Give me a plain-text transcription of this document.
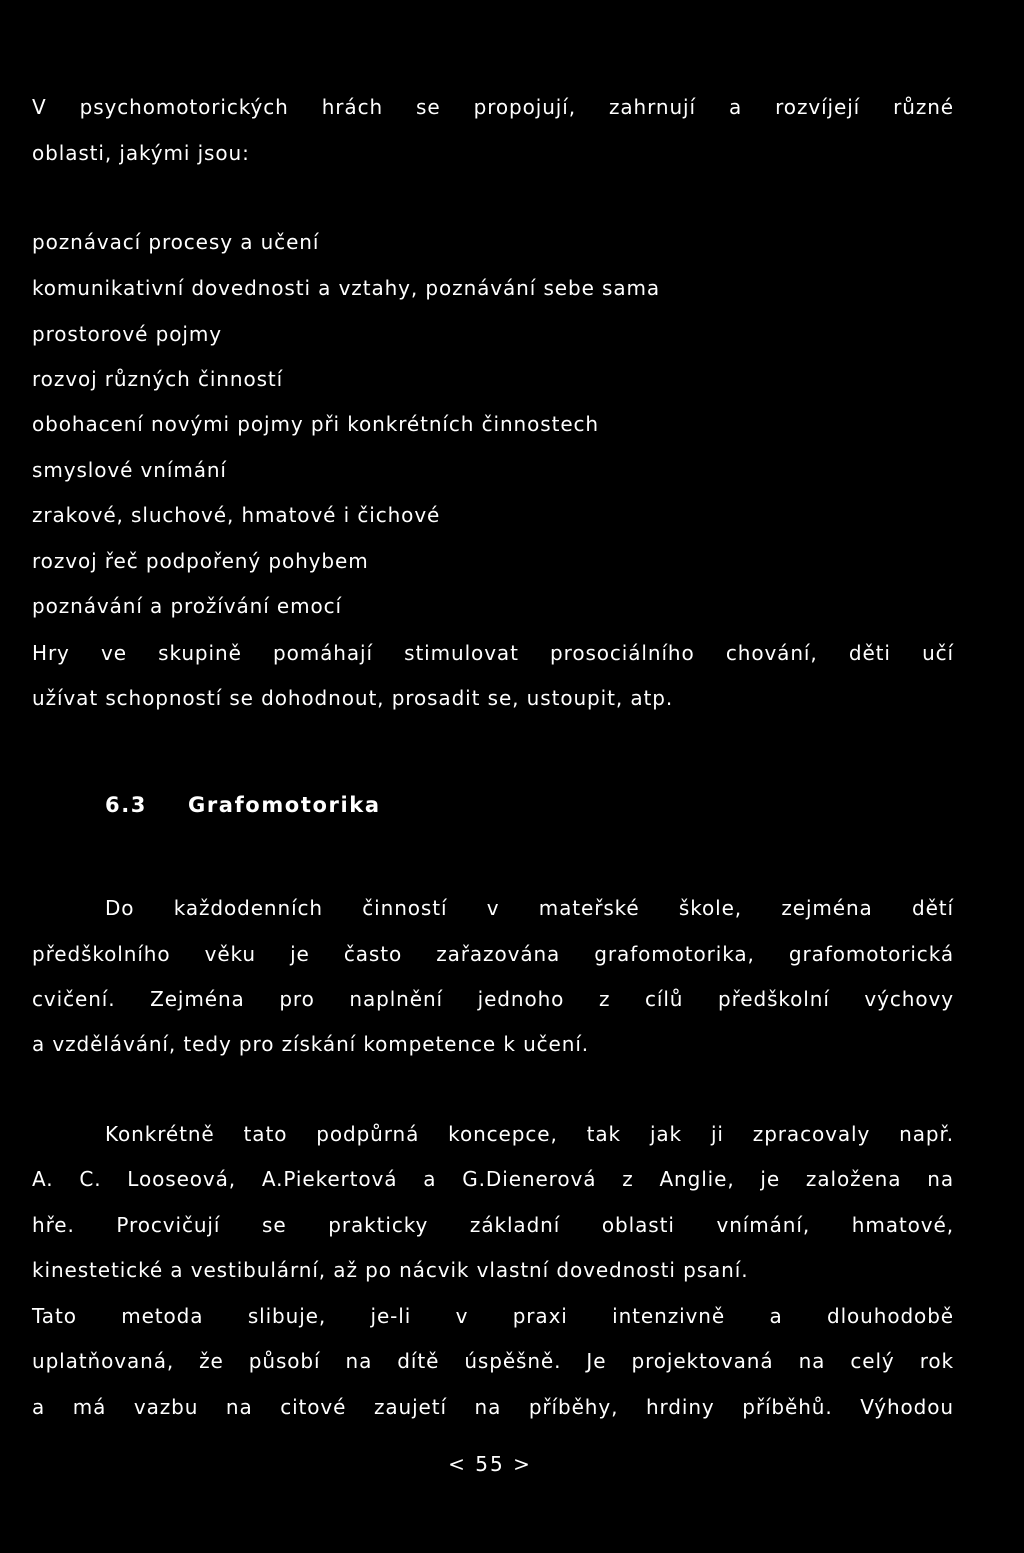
V psychomotorických hrách se propojují, zahrnují a rozvíjejí různé
oblasti, jakými jsou:
poznávací procesy a učení
komunikativní dovednosti a vztahy, poznávání sebe sama
prostorové pojmy
rozvoj různých činností
obohacení novými pojmy při konkrétních činnostech
smyslové vnímání
zrakové, sluchové, hmatové i čichové
rozvoj řeč podpořený pohybem
poznávání a prožívání emocí
Hry ve skupině pomáhají stimulovat prosociálního chování, děti učí
užívat schopností se dohodnout, prosadit se, ustoupit, atp.
6.3 Grafomotorika
Do každodenních činností v mateřské škole, zejména dětí
předškolního věku je často zařazována grafomotorika, grafomotorická
cvičení. Zejména pro naplnění jednoho z cílů předškolní výchovy
a vzdělávání, tedy pro získání kompetence k učení.
Konkrétně tato podpůrná koncepce, tak jak ji zpracovaly např.
A. C. Looseová, A.Piekertová a G.Dienerová z Anglie, je založena na
hře. Procvičují se prakticky základní oblasti vnímání, hmatové,
kinestetické a vestibulární, až po nácvik vlastní dovednosti psaní.
Tato metoda slibuje, je-li v praxi intenzivně a dlouhodobě
uplatňovaná, že působí na dítě úspěšně. Je projektovaná na celý rok
a má vazbu na citové zaujetí na příběhy, hrdiny příběhů. Výhodou
< 55 >
